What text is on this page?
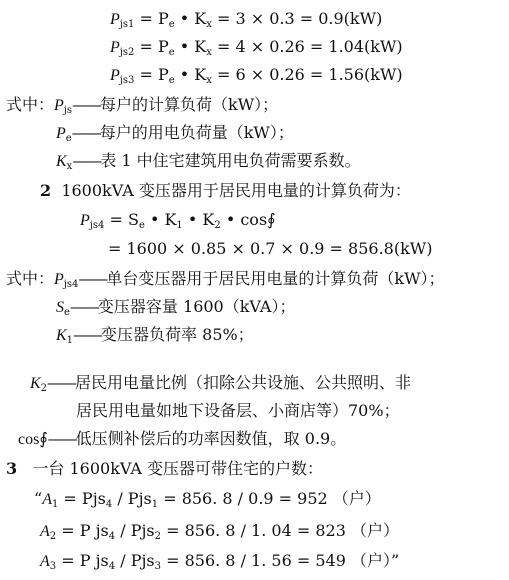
$P_{js1} = P_e$ • $K_x = 3 \times 0.3 = 0.9(kW)$
$P_{js2} = P_e$ • $K_x = 4 \times 0.26 = 1.04(kW)$
$P_{js3} = P_e$ • $K_x = 6 \times 0.26 = 1.56(kW)$
式中：$P_{js}——$每户的计算负荷（kW）；
$P_e——$每户的用电负荷量（kW）；
$K_x——$表 1 中住宅建筑用电负荷需要系数。
2 1600kVA 变压器用于居民用电量的计算负荷为：
$P_{js4} = S_e$ • $K_1$ • $K_2$ • cos∮
= 1600 × 0.85 × 0.7 × 0.9 = 856.8(kW)
式中：$P_{js4}——$单台变压器用于居民用电量的计算负荷（kW）；
$S_e——$变压器容量 1600（kVA）；
$K_1——$变压器负荷率 85%；
$K_2——$居民用电量比例（扣除公共设施、公共照明、非
居民用电量如地下设备层、小商店等）70%；
cos∮——低压侧补偿后的功率因数值，取 0.9。
3 一台 1600kVA 变压器可带住宅的户数：
“$A_1 = Pjs_4 / Pjs_1 = 856$. 8 / 0.9 = 952 （户）
$A_2 = P$ $js_4 / Pjs_2 = 856$. 8 / 1. 04 = 823 （户）
$A_3 = P$ $js_4 / Pjs_3 = 856$. 8 / 1. 56 = 549 （户）”
